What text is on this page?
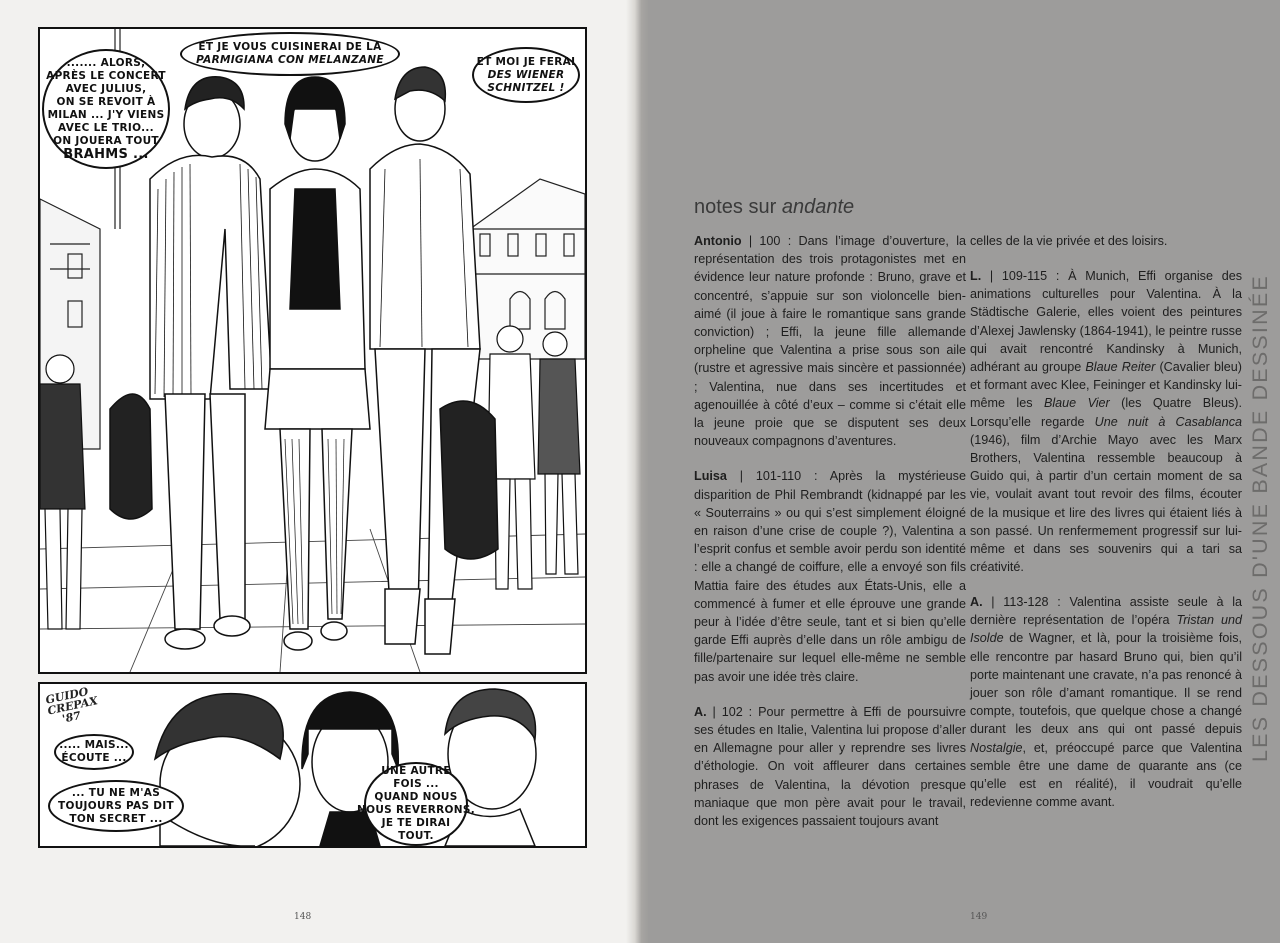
....... ALORS,
APRÈS LE CONCERT
AVEC JULIUS,
ON SE REVOIT À
MILAN ... J'Y VIENS
AVEC LE TRIO...
ON JOUERA TOUT
BRAHMS ...
ET JE VOUS CUISINERAI DE LA
PARMIGIANA CON MELANZANE	ET MOI JE FERAI
DES WIENER
SCHNITZEL !
GUIDO CREPAX '87
..... MAIS...
ÉCOUTE ...
... TU NE M'AS
TOUJOURS PAS DIT
TON SECRET ...
UNE AUTRE
FOIS ...
QUAND NOUS
NOUS REVERRONS,
JE TE DIRAI
TOUT.
148
notes sur andante

Antonio | 100 : Dans l’image d’ouverture, la représentation des trois protagonistes met en évidence leur nature profonde : Bruno, grave et concentré, s’appuie sur son violoncelle bien-aimé (il joue à faire le romantique sans grande conviction) ; Effi, la jeune fille allemande orpheline que Valentina a prise sous son aile (rustre et agressive mais sincère et passionnée) ; Valentina, nue dans ses incertitudes et agenouillée à côté d’eux – comme si c’était elle la jeune proie que se disputent ses deux nouveaux compagnons d’aventures.

Luisa | 101-110 : Après la mystérieuse disparition de Phil Rembrandt (kidnappé par les « Souterrains » ou qui s’est simplement éloigné en raison d’une crise de couple ?), Valentina a l’esprit confus et semble avoir perdu son identité : elle a changé de coiffure, elle a envoyé son fils Mattia faire des études aux États-Unis, elle a commencé à fumer et elle éprouve une grande peur à l’idée d’être seule, tant et si bien qu’elle garde Effi auprès d’elle dans un rôle ambigu de fille/partenaire sur lequel elle-même ne semble pas avoir une idée très claire.

A. | 102 : Pour permettre à Effi de poursuivre ses études en Italie, Valentina lui propose d’aller en Allemagne pour aller y reprendre ses livres d’éthologie. On voit affleurer dans certaines phrases de Valentina, la dévotion presque maniaque que mon père avait pour le travail, dont les exigences passaient toujours avant

L. | 109-115 : À Munich, Effi organise des animations culturelles pour Valentina. À la Städtische Galerie, elles voient des peintures d’Alexej Jawlensky (1864-1941), le peintre russe qui avait rencontré Kandinsky à Munich, adhérant au groupe Blaue Reiter (Cavalier bleu) et formant avec Klee, Feininger et Kandinsky lui-même les Blaue Vier (les Quatre Bleus). Lorsqu’elle regarde Une nuit à Casablanca (1946), film d’Archie Mayo avec les Marx Brothers, Valentina ressemble beaucoup à Guido qui, à partir d’un certain moment de sa vie, voulait avant tout revoir des films, écouter de la musique et lire des livres qui étaient liés à son passé. Un renfermement progressif sur lui-même et dans ses souvenirs qui a tari sa créativité.

A. | 113-128 : Valentina assiste seule à la dernière représentation de l’opéra Tristan und Isolde de Wagner, et là, pour la troisième fois, elle rencontre par hasard Bruno qui, bien qu’il porte maintenant une cravate, n’a pas renoncé à jouer son rôle d’amant romantique. Il se rend compte, toutefois, que quelque chose a changé durant les deux ans qui ont passé depuis Nostalgie, et, préoccupé parce que Valentina semble être une dame de quarante ans (ce qu’elle est en réalité), il voudrait qu’elle redevienne comme avant.

149

celles de la vie privée et des loisirs.

LES DESSOUS D'UNE BANDE DESSINÉE
